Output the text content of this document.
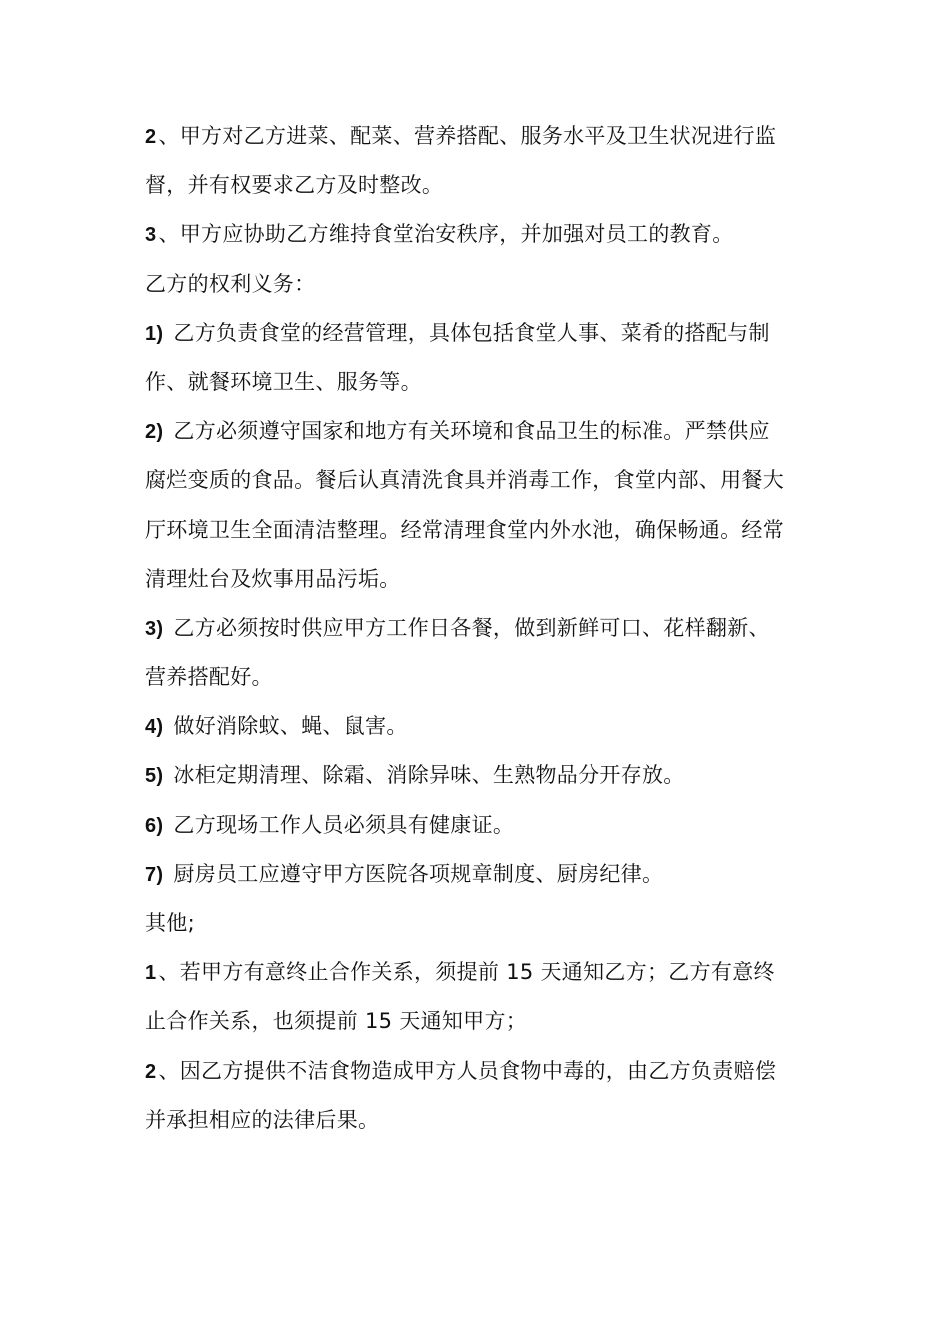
2、甲方对乙方进菜、配菜、营养搭配、服务水平及卫生状况进行监
督，并有权要求乙方及时整改。
3、甲方应协助乙方维持食堂治安秩序，并加强对员工的教育。
乙方的权利义务：
1) 乙方负责食堂的经营管理，具体包括食堂人事、菜肴的搭配与制
作、就餐环境卫生、服务等。
2) 乙方必须遵守国家和地方有关环境和食品卫生的标准。严禁供应
腐烂变质的食品。餐后认真清洗食具并消毒工作，食堂内部、用餐大
厅环境卫生全面清洁整理。经常清理食堂内外水池，确保畅通。经常
清理灶台及炊事用品污垢。
3) 乙方必须按时供应甲方工作日各餐，做到新鲜可口、花样翻新、
营养搭配好。
4) 做好消除蚊、蝇、鼠害。
5) 冰柜定期清理、除霜、消除异味、生熟物品分开存放。
6) 乙方现场工作人员必须具有健康证。
7) 厨房员工应遵守甲方医院各项规章制度、厨房纪律。
其他;
1、若甲方有意终止合作关系，须提前 15 天通知乙方；乙方有意终
止合作关系，也须提前 15 天通知甲方；
2、因乙方提供不洁食物造成甲方人员食物中毒的，由乙方负责赔偿
并承担相应的法律后果。
